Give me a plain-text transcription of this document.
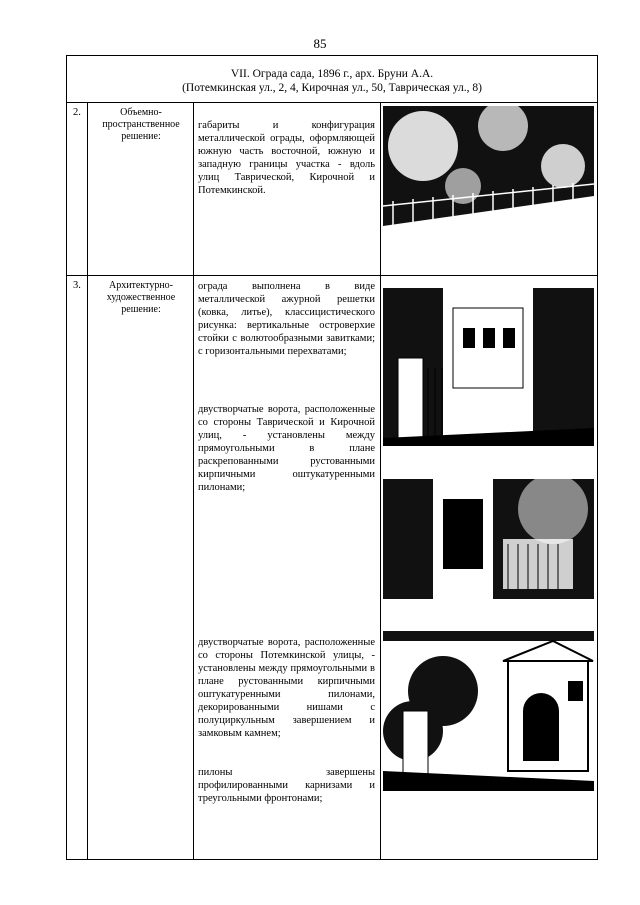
85
VII. Ограда сада, 1896 г., арх. Бруни А.А.
(Потемкинская ул., 2, 4, Кирочная ул., 50, Таврическая ул., 8)
2.	Объемно-пространственное решение:
габариты и конфигурация металлической ограды, оформляющей южную часть восточной, южную и западную границы участка - вдоль улиц Таврической, Кирочной и Потемкинской.
3.	Архитектурно-художественное решение:
ограда выполнена в виде металлической ажурной решетки (ковка, литье), классицистического рисунка: вертикальные островерхие стойки с волютообразными завитками; с горизонтальными перехватами;
двустворчатые ворота, расположенные со стороны Таврической и Кирочной улиц, - установлены между прямоугольными в плане раскрепованными рустованными кирпичными оштукатуренными пилонами;
двустворчатые ворота, расположенные со стороны Потемкинской улицы, - установлены между прямоугольными в плане рустованными кирпичными оштукатуренными пилонами, декорированными нишами с полуциркульным завершением и замковым камнем;
пилоны завершены профилированными карнизами и треугольными фронтонами;
